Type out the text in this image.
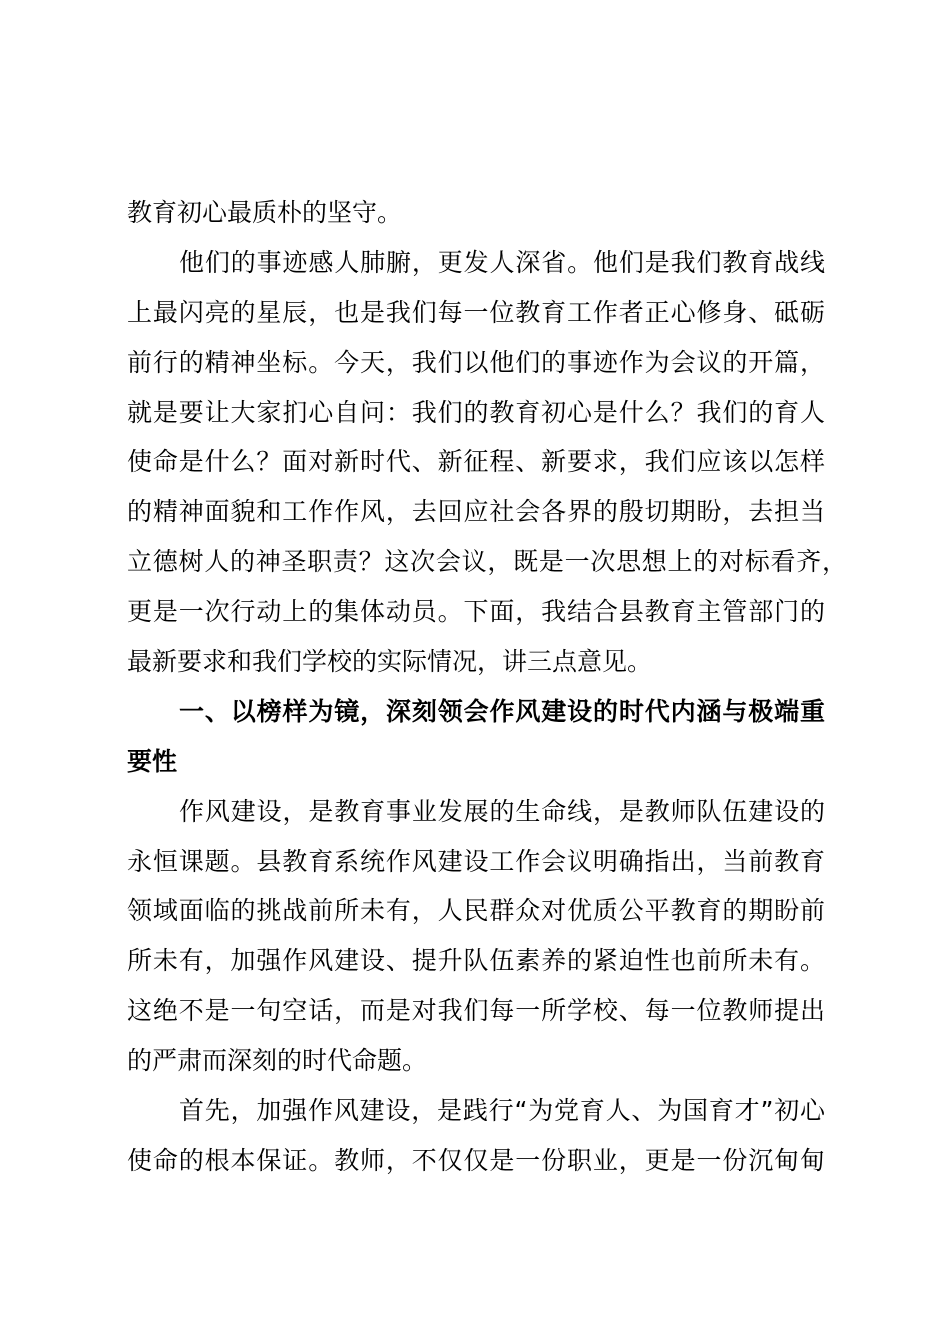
教育初心最质朴的坚守。
他们的事迹感人肺腑，更发人深省。他们是我们教育战线
上最闪亮的星辰，也是我们每一位教育工作者正心修身、砥砺
前行的精神坐标。今天，我们以他们的事迹作为会议的开篇，
就是要让大家扪心自问：我们的教育初心是什么？我们的育人
使命是什么？面对新时代、新征程、新要求，我们应该以怎样
的精神面貌和工作作风，去回应社会各界的殷切期盼，去担当
立德树人的神圣职责？这次会议，既是一次思想上的对标看齐，
更是一次行动上的集体动员。下面，我结合县教育主管部门的
最新要求和我们学校的实际情况，讲三点意见。
一、以榜样为镜，深刻领会作风建设的时代内涵与极端重
要性
作风建设，是教育事业发展的生命线，是教师队伍建设的
永恒课题。县教育系统作风建设工作会议明确指出，当前教育
领域面临的挑战前所未有，人民群众对优质公平教育的期盼前
所未有，加强作风建设、提升队伍素养的紧迫性也前所未有。
这绝不是一句空话，而是对我们每一所学校、每一位教师提出
的严肃而深刻的时代命题。
首先，加强作风建设，是践行“为党育人、为国育才”初心
使命的根本保证。教师，不仅仅是一份职业，更是一份沉甸甸
